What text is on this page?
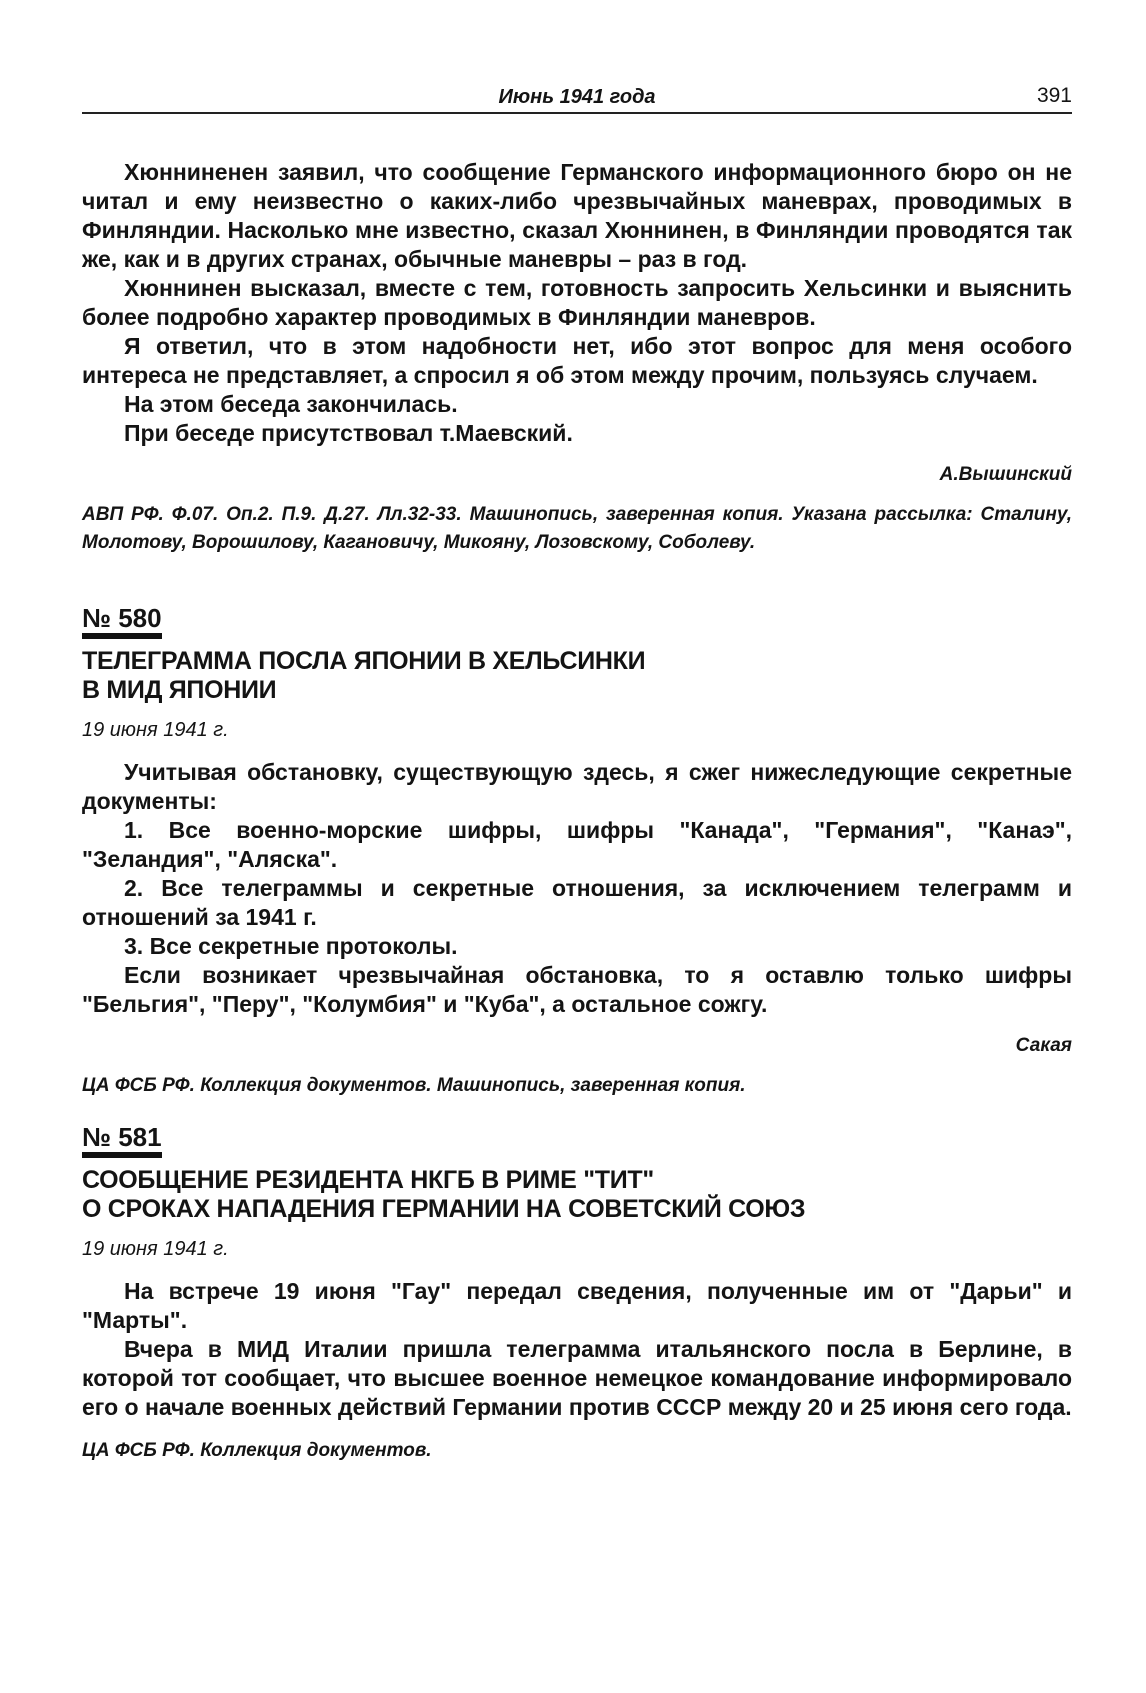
Июнь 1941 года	391

Хюнниненен заявил, что сообщение Германского информационного бюро он не читал и ему неизвестно о каких-либо чрезвычайных маневрах, проводимых в Финляндии. Насколько мне известно, сказал Хюннинен, в Финляндии проводятся так же, как и в других странах, обычные маневры – раз в год.

Хюннинен высказал, вместе с тем, готовность запросить Хельсинки и выяснить более подробно характер проводимых в Финляндии маневров.

Я ответил, что в этом надобности нет, ибо этот вопрос для меня особого интереса не представляет, а спросил я об этом между прочим, пользуясь случаем.

На этом беседа закончилась.

При беседе присутствовал т.Маевский.

А.Вышинский
АВП РФ. Ф.07. Оп.2. П.9. Д.27. Лл.32-33. Машинопись, заверенная копия. Указана рассылка: Сталину, Молотову, Ворошилову, Кагановичу, Микояну, Лозовскому, Соболеву.
№ 580
ТЕЛЕГРАММА ПОСЛА ЯПОНИИ В ХЕЛЬСИНКИ
В МИД ЯПОНИИ
19 июня 1941 г.

Учитывая обстановку, существующую здесь, я сжег нижеследующие секретные документы:

1. Все военно-морские шифры, шифры "Канада", "Германия", "Канаэ", "Зеландия", "Аляска".

2. Все телеграммы и секретные отношения, за исключением телеграмм и отношений за 1941 г.

3. Все секретные протоколы.

Если возникает чрезвычайная обстановка, то я оставлю только шифры "Бельгия", "Перу", "Колумбия" и "Куба", а остальное сожгу.

Сакая
ЦА ФСБ РФ. Коллекция документов. Машинопись, заверенная копия.
№ 581
СООБЩЕНИЕ РЕЗИДЕНТА НКГБ В РИМЕ "ТИТ"
О СРОКАХ НАПАДЕНИЯ ГЕРМАНИИ НА СОВЕТСКИЙ СОЮЗ
19 июня 1941 г.

На встрече 19 июня "Гау" передал сведения, полученные им от "Дарьи" и "Марты".

Вчера в МИД Италии пришла телеграмма итальянского посла в Берлине, в которой тот сообщает, что высшее военное немецкое командование информировало его о начале военных действий Германии против СССР между 20 и 25 июня сего года.

ЦА ФСБ РФ. Коллекция документов.
